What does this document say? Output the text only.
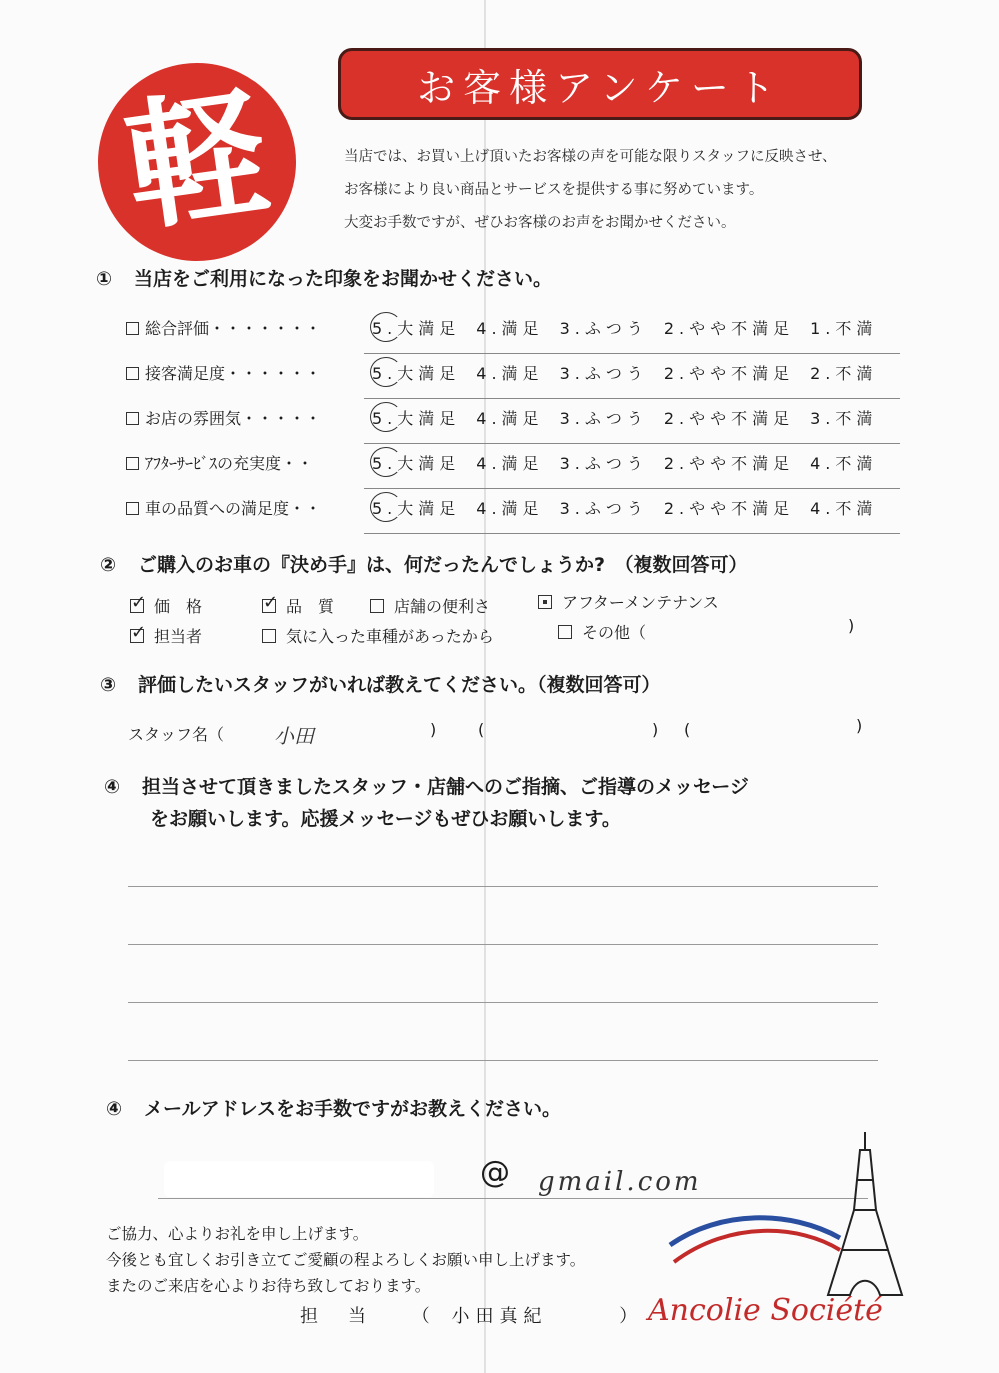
軽	お客様アンケート
当店では、お買い上げ頂いたお客様の声を可能な限りスタッフに反映させ、
お客様により良い商品とサービスを提供する事に努めています。
大変お手数ですが、ぜひお客様のお声をお聞かせください。
① 当店をご利用になった印象をお聞かせください。
総合評価・・・・・・・	5.大満足 4.満足 3.ふつう 2.やや不満足 1.不満
接客満足度・・・・・・	5.大満足 4.満足 3.ふつう 2.やや不満足 2.不満
お店の雰囲気・・・・・	5.大満足 4.満足 3.ふつう 2.やや不満足 3.不満
ｱﾌﾀｰｻｰﾋﾞｽの充実度・・	5.大満足 4.満足 3.ふつう 2.やや不満足 4.不満
車の品質への満足度・・	5.大満足 4.満足 3.ふつう 2.やや不満足 4.不満
② ご購入のお車の『決め手』は、何だったんでしょうか?　（複数回答可）
✓価　格
✓	品　質	店舗の便利さ	アフターメンテナンス
✓担当者	気に入った車種があったから	その他（	)
③ 評価したいスタッフがいれば教えてください。（複数回答可）
スタッフ名（ 小田	)	(	) (	)
④ 担当させて頂きましたスタッフ・店舗へのご指摘、ご指導のメッセージ
をお願いします。応援メッセージもぜひお願いします。
④ メールアドレスをお手数ですがお教えください。
@ gmail.com
ご協力、心よりお礼を申し上げます。
今後とも宜しくお引き立てご愛顧の程よろしくお願い申し上げます。
またのご来店を心よりお待ち致しております。
担　当 （ 小田真紀	） Ancolie Société
